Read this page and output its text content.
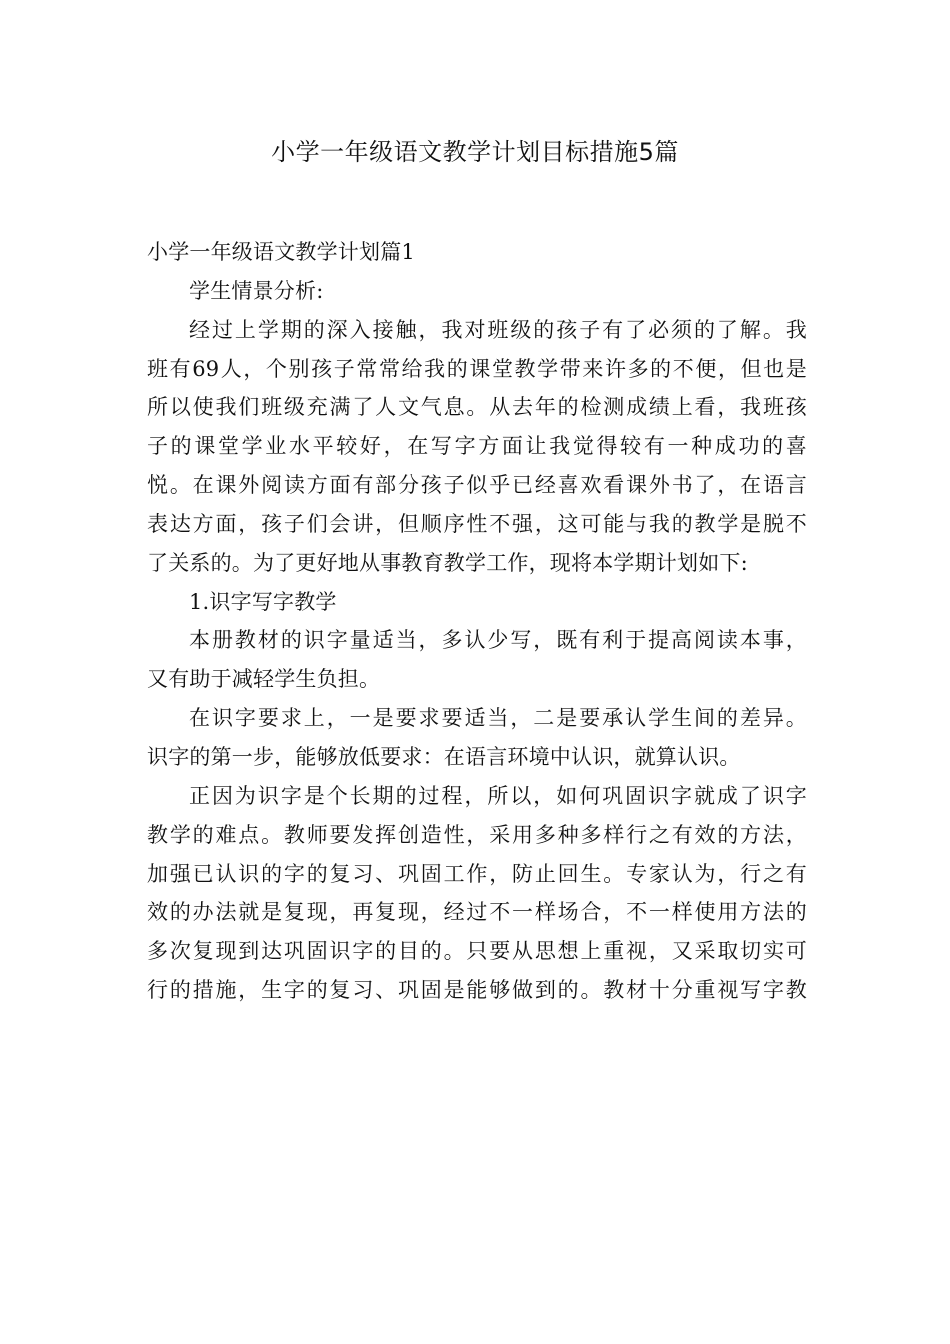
小学一年级语文教学计划目标措施5篇
小学一年级语文教学计划篇1
学生情景分析:
经过上学期的深入接触，我对班级的孩子有了必须的了解。我
班有69人，个别孩子常常给我的课堂教学带来许多的不便，但也是
所以使我们班级充满了人文气息。从去年的检测成绩上看，我班孩
子的课堂学业水平较好，在写字方面让我觉得较有一种成功的喜
悦。在课外阅读方面有部分孩子似乎已经喜欢看课外书了，在语言
表达方面，孩子们会讲，但顺序性不强，这可能与我的教学是脱不
了关系的。为了更好地从事教育教学工作，现将本学期计划如下:
1.识字写字教学
本册教材的识字量适当，多认少写，既有利于提高阅读本事，
又有助于减轻学生负担。
在识字要求上，一是要求要适当，二是要承认学生间的差异。
识字的第一步，能够放低要求：在语言环境中认识，就算认识。
正因为识字是个长期的过程，所以，如何巩固识字就成了识字
教学的难点。教师要发挥创造性，采用多种多样行之有效的方法，
加强已认识的字的复习、巩固工作，防止回生。专家认为，行之有
效的办法就是复现，再复现，经过不一样场合，不一样使用方法的
多次复现到达巩固识字的目的。只要从思想上重视，又采取切实可
行的措施，生字的复习、巩固是能够做到的。教材十分重视写字教
